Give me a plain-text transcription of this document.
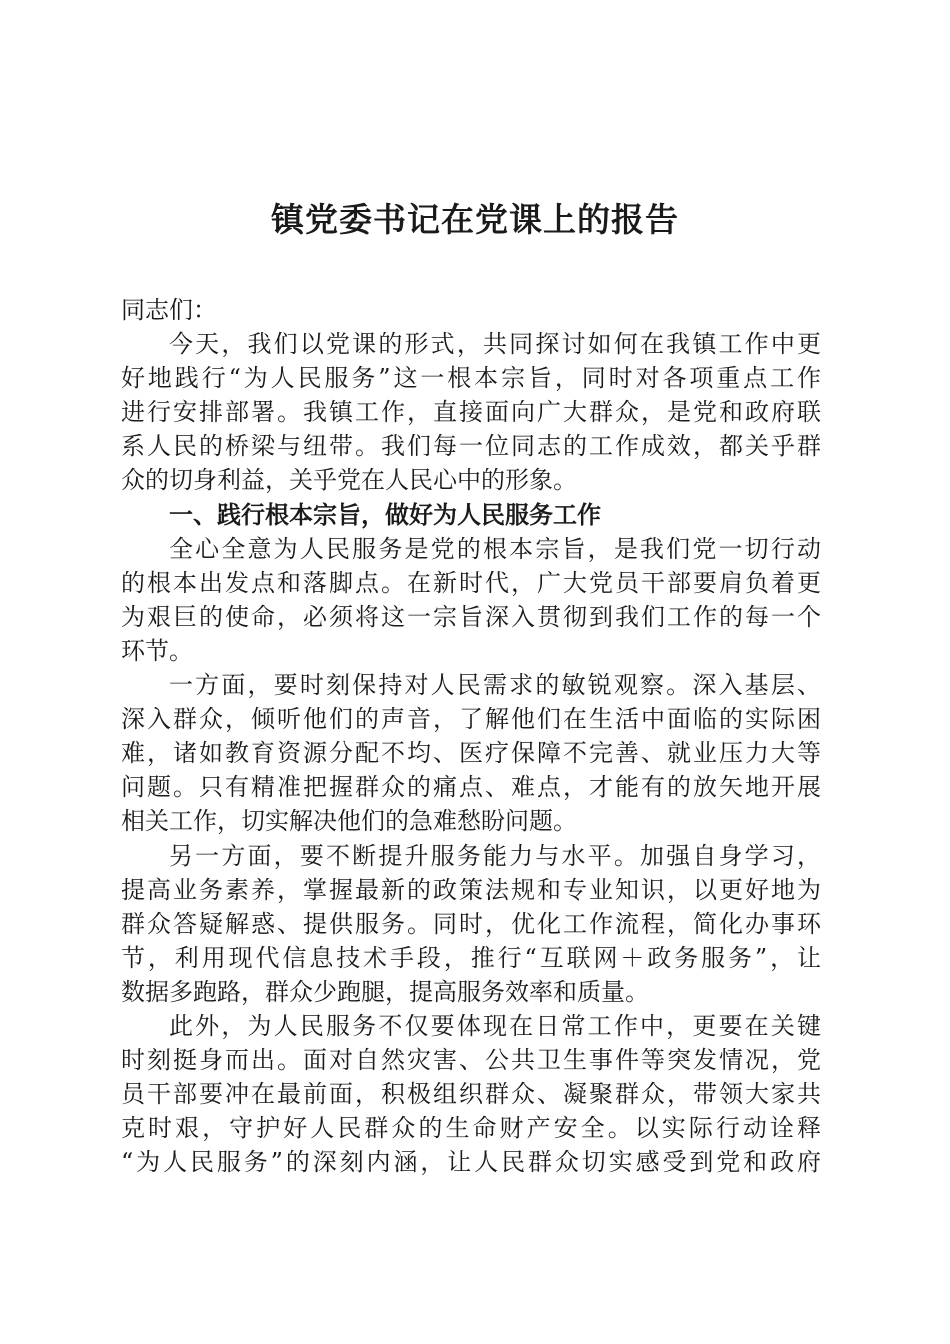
镇党委书记在党课上的报告
同志们：
今天，我们以党课的形式，共同探讨如何在我镇工作中更
好地践行“为人民服务”这一根本宗旨，同时对各项重点工作
进行安排部署。我镇工作，直接面向广大群众，是党和政府联
系人民的桥梁与纽带。我们每一位同志的工作成效，都关乎群
众的切身利益，关乎党在人民心中的形象。
一、践行根本宗旨，做好为人民服务工作
全心全意为人民服务是党的根本宗旨，是我们党一切行动
的根本出发点和落脚点。在新时代，广大党员干部要肩负着更
为艰巨的使命，必须将这一宗旨深入贯彻到我们工作的每一个
环节。
一方面，要时刻保持对人民需求的敏锐观察。深入基层、
深入群众，倾听他们的声音，了解他们在生活中面临的实际困
难，诸如教育资源分配不均、医疗保障不完善、就业压力大等
问题。只有精准把握群众的痛点、难点，才能有的放矢地开展
相关工作，切实解决他们的急难愁盼问题。
另一方面，要不断提升服务能力与水平。加强自身学习，
提高业务素养，掌握最新的政策法规和专业知识，以更好地为
群众答疑解惑、提供服务。同时，优化工作流程，简化办事环
节，利用现代信息技术手段，推行“互联网＋政务服务”，让
数据多跑路，群众少跑腿，提高服务效率和质量。
此外，为人民服务不仅要体现在日常工作中，更要在关键
时刻挺身而出。面对自然灾害、公共卫生事件等突发情况，党
员干部要冲在最前面，积极组织群众、凝聚群众，带领大家共
克时艰，守护好人民群众的生命财产安全。以实际行动诠释
“为人民服务”的深刻内涵，让人民群众切实感受到党和政府
